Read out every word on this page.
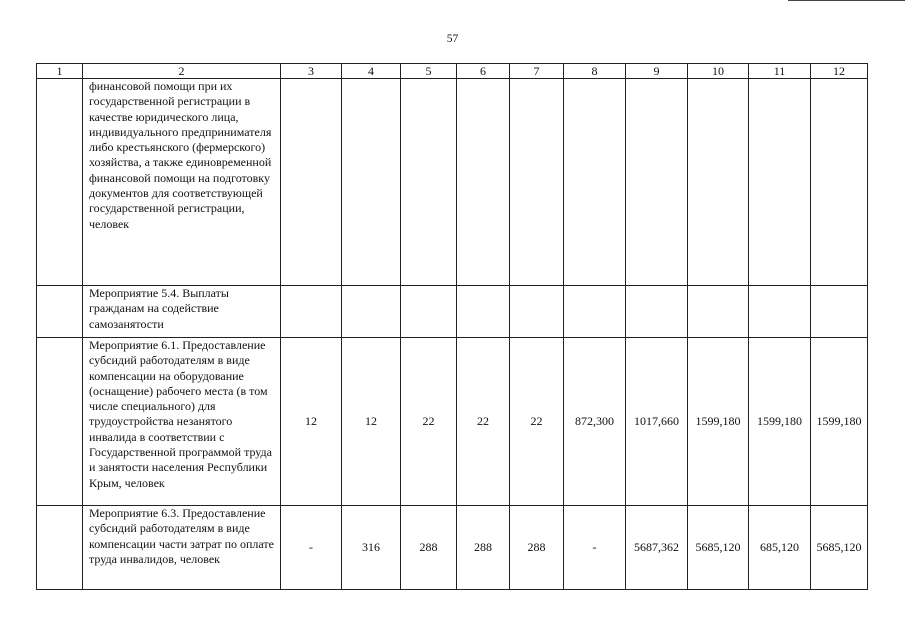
57
1	2	3	4	5	6	7	8	9	10	11	12
	финансовой помощи при их государственной регистрации в качестве юридического лица, индивидуального предпринимателя либо крестьянского (фермерского) хозяйства, а также единовременной финансовой помощи на подготовку документов для соответствующей государственной регистрации, человек										
	Мероприятие 5.4. Выплаты гражданам на содействие самозанятости										
	Мероприятие 6.1. Предоставление субсидий работодателям в виде компенсации на оборудование (оснащение) рабочего места (в том числе специального) для трудоустройства незанятого инвалида в соответствии с Государственной программой труда и занятости населения Республики Крым, человек	12	12	22	22	22	872,300	1017,660	1599,180	1599,180	1599,180
	Мероприятие 6.3. Предоставление субсидий работодателям в виде компенсации части затрат по оплате труда инвалидов, человек	-	316	288	288	288	-	5687,362	5685,120	685,120	5685,120
